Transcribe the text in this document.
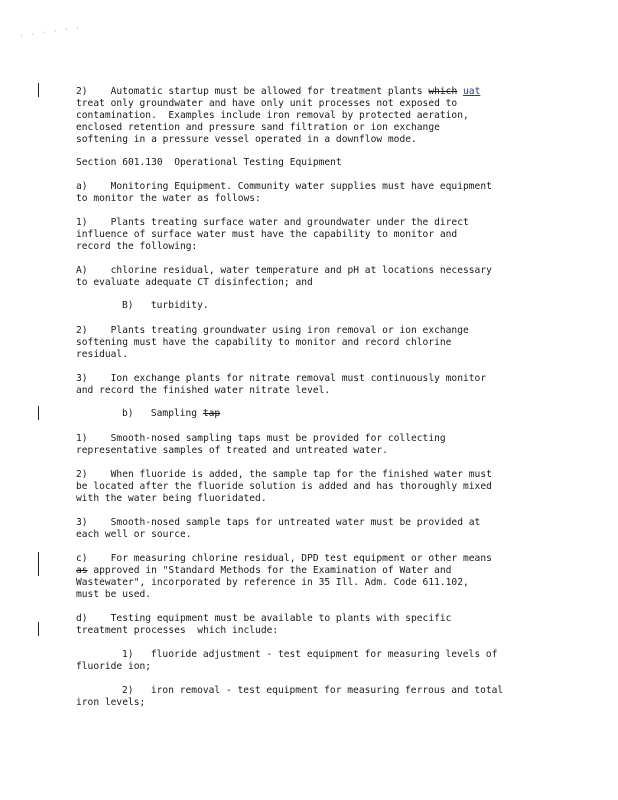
' ' ' ' ' '
2)    Automatic startup must be allowed for treatment plants which uat
treat only groundwater and have only unit processes not exposed to
contamination.  Examples include iron removal by protected aeration,
enclosed retention and pressure sand filtration or ion exchange
softening in a pressure vessel operated in a downflow mode.
Section 601.130  Operational Testing Equipment
a)    Monitoring Equipment. Community water supplies must have equipment
to monitor the water as follows:
1)    Plants treating surface water and groundwater under the direct
influence of surface water must have the capability to monitor and
record the following:
A)    chlorine residual, water temperature and pH at locations necessary
to evaluate adequate CT disinfection; and
B)   turbidity.
2)    Plants treating groundwater using iron removal or ion exchange
softening must have the capability to monitor and record chlorine
residual.
3)    Ion exchange plants for nitrate removal must continuously monitor
and record the finished water nitrate level.
b)   Sampling tap
1)    Smooth-nosed sampling taps must be provided for collecting
representative samples of treated and untreated water.
2)    When fluoride is added, the sample tap for the finished water must
be located after the fluoride solution is added and has thoroughly mixed
with the water being fluoridated.
3)    Smooth-nosed sample taps for untreated water must be provided at
each well or source.
c)    For measuring chlorine residual, DPD test equipment or other means
as approved in "Standard Methods for the Examination of Water and
Wastewater", incorporated by reference in 35 Ill. Adm. Code 611.102,
must be used.
d)    Testing equipment must be available to plants with specific
treatment processes  which include:
1)   fluoride adjustment - test equipment for measuring levels of
fluoride ion;
2)   iron removal - test equipment for measuring ferrous and total
iron levels;
